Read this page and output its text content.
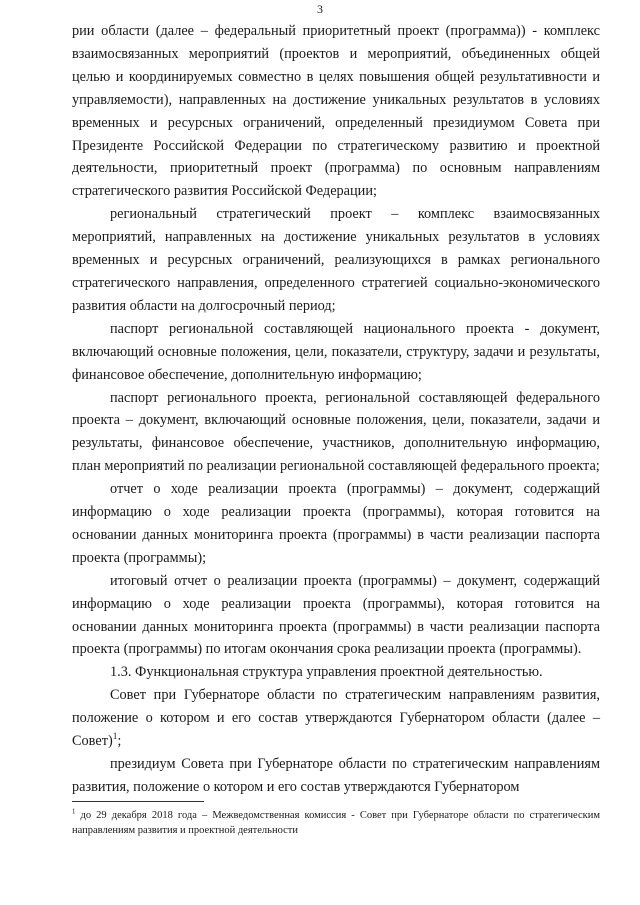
3

рии области (далее – федеральный приоритетный проект (программа)) - комплекс взаимосвязанных мероприятий (проектов и мероприятий, объединенных общей целью и координируемых совместно в целях повышения общей результативности и управляемости), направленных на достижение уникальных результатов в условиях временных и ресурсных ограничений, определенный президиумом Совета при Президенте Российской Федерации по стратегическому развитию и проектной деятельности, приоритетный проект (программа) по основным направлениям стратегического развития Российской Федерации;

региональный стратегический проект – комплекс взаимосвязанных мероприятий, направленных на достижение уникальных результатов в условиях временных и ресурсных ограничений, реализующихся в рамках регионального стратегического направления, определенного стратегией социально-экономического развития области на долгосрочный период;

паспорт региональной составляющей национального проекта - документ, включающий основные положения, цели, показатели, структуру, задачи и результаты, финансовое обеспечение, дополнительную информацию;

паспорт регионального проекта, региональной составляющей федерального проекта – документ, включающий основные положения, цели, показатели, задачи и результаты, финансовое обеспечение, участников, дополнительную информацию, план мероприятий по реализации региональной составляющей федерального проекта;

отчет о ходе реализации проекта (программы) – документ, содержащий информацию о ходе реализации проекта (программы), которая готовится на основании данных мониторинга проекта (программы) в части реализации паспорта проекта (программы);

итоговый отчет о реализации проекта (программы) – документ, содержащий информацию о ходе реализации проекта (программы), которая готовится на основании данных мониторинга проекта (программы) в части реализации паспорта проекта (программы) по итогам окончания срока реализации проекта (программы).

1.3. Функциональная структура управления проектной деятельностью.

Совет при Губернаторе области по стратегическим направлениям развития, положение о котором и его состав утверждаются Губернатором области (далее – Совет)$^1$;

президиум Совета при Губернаторе области по стратегическим направлениям развития, положение о котором и его состав утверждаются Губернатором

$^1$ до 29 декабря 2018 года – Межведомственная комиссия - Совет при Губернаторе области по стратегическим направлениям развития и проектной деятельности
